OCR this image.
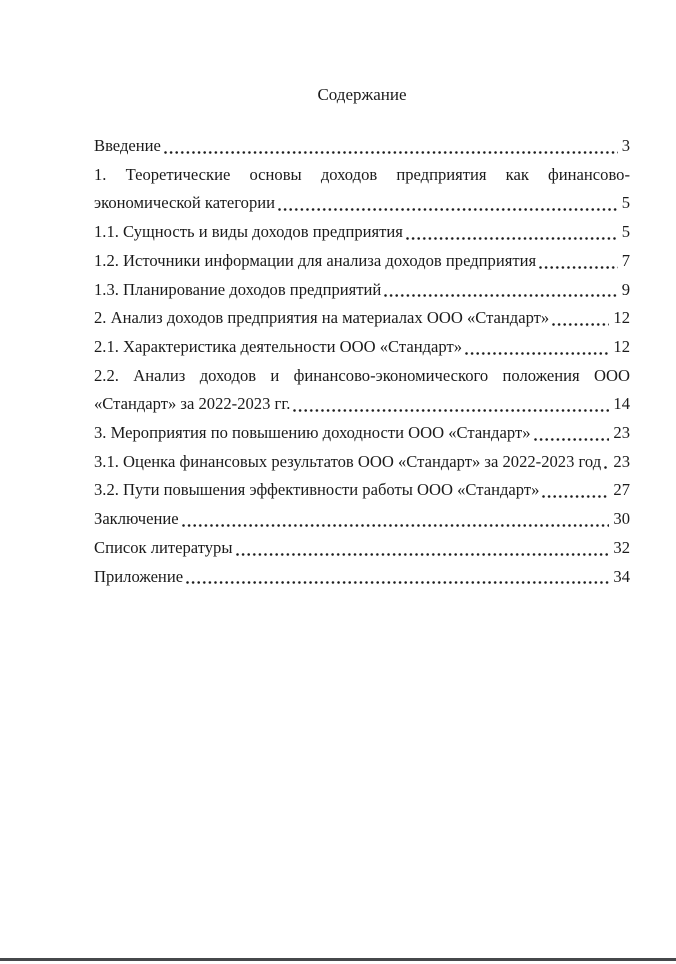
Содержание
Введение	3
1. Теоретические основы доходов предприятия как финансово-
экономической категории	5
1.1. Сущность и виды доходов предприятия	5
1.2. Источники информации для анализа доходов предприятия	7
1.3. Планирование доходов предприятий	9
2. Анализ доходов предприятия на материалах ООО «Стандарт»	12
2.1. Характеристика деятельности ООО «Стандарт»	12
2.2. Анализ доходов и финансово-экономического положения ООО
«Стандарт» за 2022-2023 гг.	14
3. Мероприятия по повышению доходности ООО «Стандарт»	23
3.1. Оценка финансовых результатов ООО «Стандарт» за 2022-2023 год 23
3.2. Пути повышения эффективности работы ООО «Стандарт»	27
Заключение	30
Список литературы	32
Приложение	34
